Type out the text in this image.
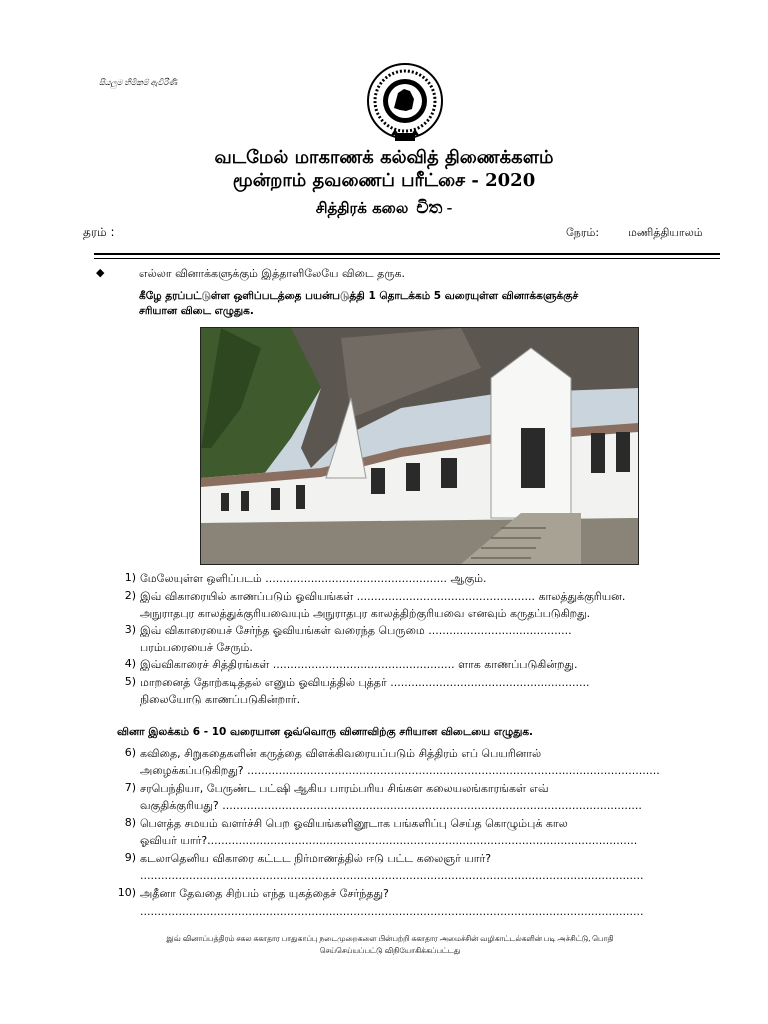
සියලුම හිමිකම් ඇවිරිණි
வடமேல் மாகாணக் கல்வித் திணைக்களம்
மூன்றாம் தவணைப் பரீட்சை - 2020
சித்திரக் கலை චිත -
தரம் :	நேரம்:	மணித்தியாலம்
◆	எல்லா வினாக்களுக்கும் இத்தாளிலேயே விடை தருக.
கீழே தரப்பட்டுள்ள ஒளிப்படத்தை பயன்படுத்தி 1 தொடக்கம் 5 வரையுள்ள வினாக்களுக்குச்
சரியான விடை எழுதுக.
1) மேலேயுள்ள ஒளிப்படம் .................................................... ஆகும்.
2) இவ் விகாரையில் காணப்படும் ஓவியங்கள் ................................................... காலத்துக்குரியன.
அநுராதபுர காலத்துக்குரியவையும் அநுராதபுர காலத்திற்குரியவை எனவும் கருதப்படுகிறது.
3) இவ் விகாரையைச் சேர்ந்த ஓவியங்கள் வரைந்த பெருமை .........................................
பரம்பரையைச் சேரும்.
4) இவ்விகாரைச் சித்திரங்கள் .................................................... ளாக காணப்படுகின்றது.
5) மாறனைத் தோற்கடித்தல் எனும் ஓவியத்தில் புத்தர் .........................................................
நிலையோடு காணப்படுகின்றார்.
வினா இலக்கம் 6 - 10 வரையான ஒவ்வொரு வினாவிற்கு சரியான விடையை எழுதுக.
6) கவிதை, சிறுகதைகளின் கருத்தை விளக்கிவரையப்படும் சித்திரம் எப் பெயரினால்
அழைக்கப்படுகிறது? ......................................................................................................................
7) சரபெந்தியா, பேருண்ட பட்ஷி ஆகிய பாரம்பரிய சிங்கள கலையலங்காரங்கள் எவ்
வகுதிக்குரியது? ........................................................................................................................
8) பௌத்த சமயம் வளர்ச்சி பெற ஓவியங்களினூடாக பங்களிப்பு செய்த கொழும்புக் கால
ஓவியர் யார்?...........................................................................................................................
9) கடலாதெனிய விகாரை கட்டட நிர்மாணத்தில் ஈடு பட்ட கலைஞர் யார்?
................................................................................................................................................
10) அதீனா தேவதை சிற்பம் எந்த யுகத்தைச் சேர்ந்தது?
................................................................................................................................................
இவ் வினாப்பத்திரம் சகல சுகாதார பாதுகாப்பு நடைமுறைகளை பின்பற்றி சுகாதார அமைச்சின் வழிகாட்டல்களின் படி அச்சிட்டு, பொதி
செய்செய்யப்பட்டு விநியோகிக்கப்பட்டது
